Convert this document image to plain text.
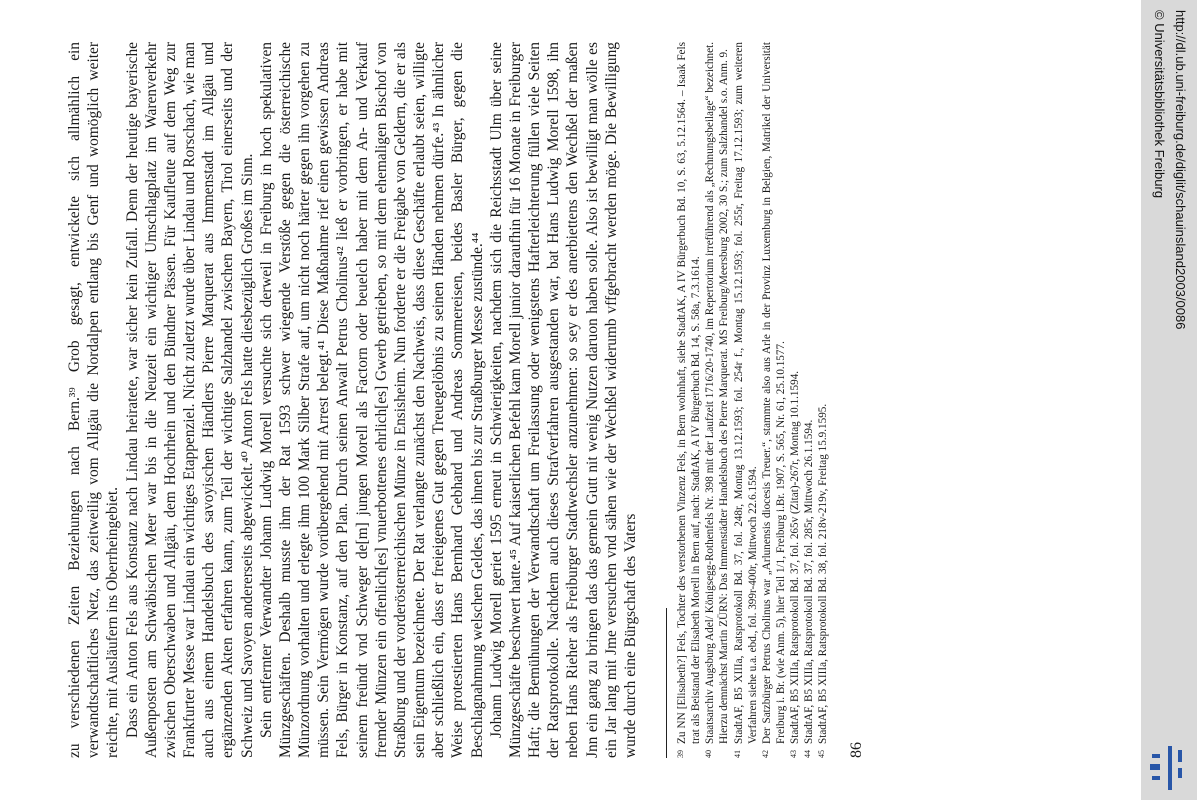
zu verschiedenen Zeiten Beziehungen nach Bern.³⁹ Grob gesagt, entwickelte sich allmählich ein verwandtschaftliches Netz, das zeitweilig vom Allgäu die Nordalpen entlang bis Genf und womöglich weiter reichte, mit Ausläufern ins Oberrheingebiet. Dass ein Anton Fels aus Konstanz nach Lindau heiratete, war sicher kein Zufall. Denn der heutige bayerische Außenposten am Schwäbischen Meer war bis in die Neuzeit ein wichtiger Umschlagplatz im Warenverkehr zwischen Oberschwaben und Allgäu, dem Hochrhein und den Bündner Pässen. Für Kaufleute auf dem Weg zur Frankfurter Messe war Lindau ein wichtiges Etappenziel. Nicht zuletzt wurde über Lindau und Rorschach, wie man auch aus einem Handelsbuch des savoyischen Händlers Pierre Marquerat aus Immenstadt im Allgäu und ergänzenden Akten erfahren kann, zum Teil der wichtige Salzhandel zwischen Bayern, Tirol einerseits und der Schweiz und Savoyen andererseits abgewickelt.⁴⁰ Anton Fels hatte diesbezüglich Großes im Sinn. Sein entfernter Verwandter Johann Ludwig Morell versuchte sich derweil in Freiburg in hoch spekulativen Münzgeschäften. Deshalb musste ihm der Rat 1593 schwer wiegende Verstöße gegen die österreichische Münzordnung vorhalten und erlegte ihm 100 Mark Silber Strafe auf, um nicht noch härter gegen ihn vorgehen zu müssen. Sein Vermögen wurde vorübergehend mit Arrest belegt.⁴¹ Diese Maßnahme rief einen gewissen Andreas Fels, Bürger in Konstanz, auf den Plan. Durch seinen Anwalt Petrus Cholinus⁴² ließ er vorbringen, er habe mit seinem freündt vnd Schweger de[m] jungen Morell als Factorn oder beuelch haber mit dem An- und Verkauf fremder Münzen ein offenlich[es] vnuerbottenes ehrlich[es] Gwerb getrieben, so mit dem ehemaligen Bischof von Straßburg und der vorderösterreichischen Münze in Ensisheim. Nun forderte er die Freigabe von Geldern, die er als sein Eigentum bezeichnete. Der Rat verlangte zunächst den Nachweis, dass diese Geschäfte erlaubt seien, willigte aber schließlich ein, dass er freieigenes Gut gegen Treuegelöbnis zu seinen Händen nehmen dürfe.⁴³ In ähnlicher Weise protestierten Hans Bernhard Gebhard und Andreas Sommereisen, beides Basler Bürger, gegen die Beschlagnahmung welschen Geldes, das ihnen bis zur Straßburger Messe zustünde.⁴⁴ Johann Ludwig Morell geriet 1595 erneut in Schwierigkeiten, nachdem sich die Reichsstadt Ulm über seine Münzgeschäfte beschwert hatte.⁴⁵ Auf kaiserlichen Befehl kam Morell junior daraufhin für 16 Monate in Freiburger Haft; die Bemühungen der Verwandtschaft um Freilassung oder wenigstens Hafterleichterung füllen viele Seiten der Ratsprotokolle. Nachdem auch dieses Strafverfahren ausgestanden war, bat Hans Ludwig Morell 1598, ihn neben Hans Rieher als Freiburger Stadtwechsler anzunehmen: so sey er des anerbiettens den Wechßel der maßen Jnn ein gang zu bringen das das gemein Gutt nit wenig Nutzen daruon haben solle. Also ist bewilligt man wölle es ein Jar lang mit Jme versuchen vnd sähen wie der Wechßel widerumb vffgebracht werden möge. Die Bewilligung wurde durch eine Bürgschaft des Vaters	39
Zu NN [Elisabeth?] Fels, Tochter des verstorbenen Vinzenz Fels, in Bern wohnhaft, siehe StadtAK, A IV Bürgerbuch Bd. 10, S. 63, 5.12.1564. – Isaak Fels trat als Beistand der Elisabeth Morell in Bern auf, nach: StadtAK, A IV Bürgerbuch Bd. 14, S. 58a, 7.3.1614.
40
Staatsarchiv Augsburg Adel/ Königsegg-Rothenfels Nr. 398 mit der Laufzeit 1716/20-1740, im Repertorium irreführend als „Rechnungsbeilage“ bezeichnet. Hierzu demnächst Martin ZÜRN: Das Immenstädter Handelsbuch des Pierre Marquerat. MS Freiburg/Meersburg 2002, 30 S.; zum Salzhandel s.o. Anm. 9.
41
StadtAF, B5 XIIIa, Ratsprotokoll Bd. 37, fol. 248r, Montag 13.12.1593; fol. 254r f., Montag 15.12.1593; fol. 255r, Freitag 17.12.1593; zum weiteren Verfahren siehe u.a. ebd., fol. 399r-400r, Mittwoch 22.6.1594.
42
Der Satzbürger Petrus Cholinus war „Arlunensis diocesis Treuer.“, stammte also aus Arle in der Provinz Luxemburg in Belgien, Matrikel der Universität Freiburg i. Br. (wie Anm. 5), hier Teil 1/1, Freiburg i.Br. 1907, S. 565, Nr. 61, 25.10.1577.
43
StadtAF, B5 XIIIa, Ratsprotokoll Bd. 37, fol. 265v (Zitat)-267r, Montag 10.1.1594.
44
StadtAF, B5 XIIIa, Ratsprotokoll Bd. 37, fol. 285r, Mittwoch 26.1.1594.
45
StadtAF, B5 XIIIa, Ratsprotokoll Bd. 38, fol. 218v-219v, Freitag 15.9.1595.
86
http://dl.ub.uni-freiburg.de/diglit/schauinsland2003/0086
© Universitätsbibliothek Freiburg
